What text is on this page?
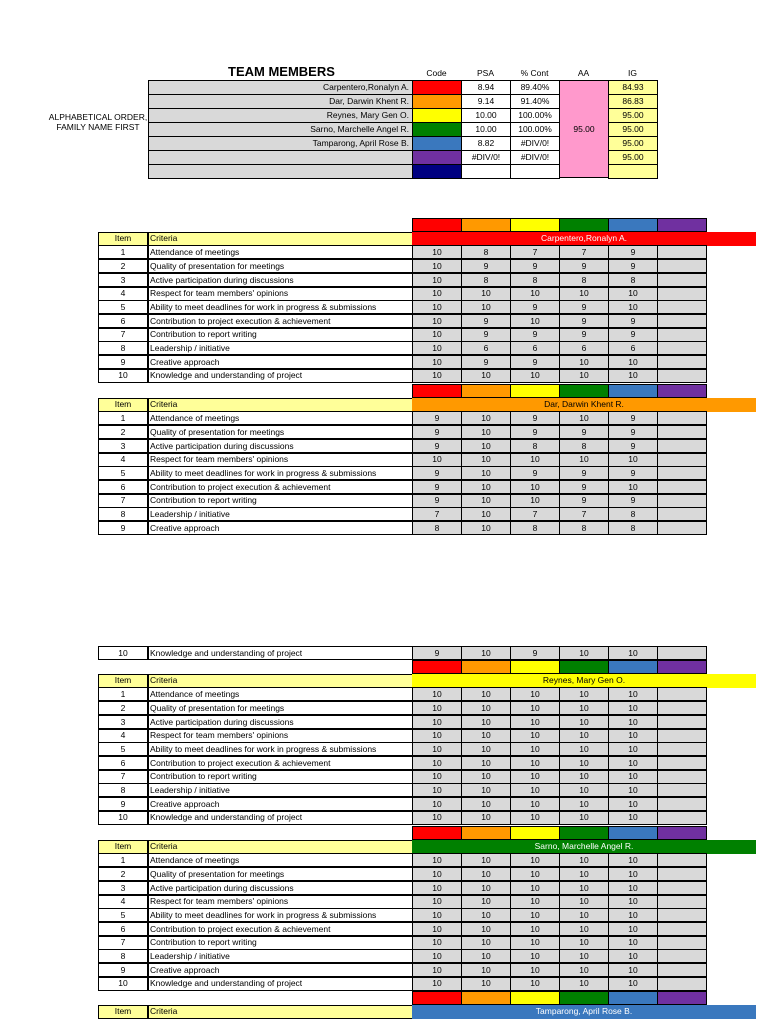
TEAM MEMBERS	Code	PSA	% Cont	AA	IG
ALPHABETICAL ORDER, FAMILY NAME FIRST
Carpentero,Ronalyn A.	8.94	89.40%	84.93
Dar, Darwin Khent R.	9.14	91.40%	86.83
Reynes, Mary Gen O.	10.00	100.00%	95.00
Sarno, Marchelle Angel R.	10.00	100.00%	95.00
Tamparong, April Rose B.	8.82	#DIV/0!	95.00
#DIV/0!	#DIV/0!	95.00
95.00
Item	Criteria	Carpentero,Ronalyn A.
1	Attendance of meetings	10	8	7	7	9
2	Quality of presentation for meetings	10	9	9	9	9
3	Active participation during discussions	10	8	8	8	8
4	Respect for team members' opinions	10	10	10	10	10
5	Ability to meet deadlines for work in progress & submissions	10	10	9	9	10
6	Contribution to project execution & achievement	10	9	10	9	9
7	Contribution to report writing	10	9	9	9	9
8	Leadership / initiative	10	6	6	6	6
9	Creative approach	10	9	9	10	10
10	Knowledge and understanding of project	10	10	10	10	10
Item	Criteria	Dar, Darwin Khent R.
1	Attendance of meetings	9	10	9	10	9
2	Quality of presentation for meetings	9	10	9	9	9
3	Active participation during discussions	9	10	8	8	9
4	Respect for team members' opinions	10	10	10	10	10
5	Ability to meet deadlines for work in progress & submissions	9	10	9	9	9
6	Contribution to project execution & achievement	9	10	10	9	10
7	Contribution to report writing	9	10	10	9	9
8	Leadership / initiative	7	10	7	7	8
9	Creative approach	8	10	8	8	8
10	Knowledge and understanding of project	9	10	9	10	10
Item	Criteria	Reynes, Mary Gen O.
1	Attendance of meetings	10	10	10	10	10
2	Quality of presentation for meetings	10	10	10	10	10
3	Active participation during discussions	10	10	10	10	10
4	Respect for team members' opinions	10	10	10	10	10
5	Ability to meet deadlines for work in progress & submissions	10	10	10	10	10
6	Contribution to project execution & achievement	10	10	10	10	10
7	Contribution to report writing	10	10	10	10	10
8	Leadership / initiative	10	10	10	10	10
9	Creative approach	10	10	10	10	10
10	Knowledge and understanding of project	10	10	10	10	10
Item	Criteria	Sarno, Marchelle Angel R.
1	Attendance of meetings	10	10	10	10	10
2	Quality of presentation for meetings	10	10	10	10	10
3	Active participation during discussions	10	10	10	10	10
4	Respect for team members' opinions	10	10	10	10	10
5	Ability to meet deadlines for work in progress & submissions	10	10	10	10	10
6	Contribution to project execution & achievement	10	10	10	10	10
7	Contribution to report writing	10	10	10	10	10
8	Leadership / initiative	10	10	10	10	10
9	Creative approach	10	10	10	10	10
10	Knowledge and understanding of project	10	10	10	10	10
Item	Criteria	Tamparong, April Rose B.
